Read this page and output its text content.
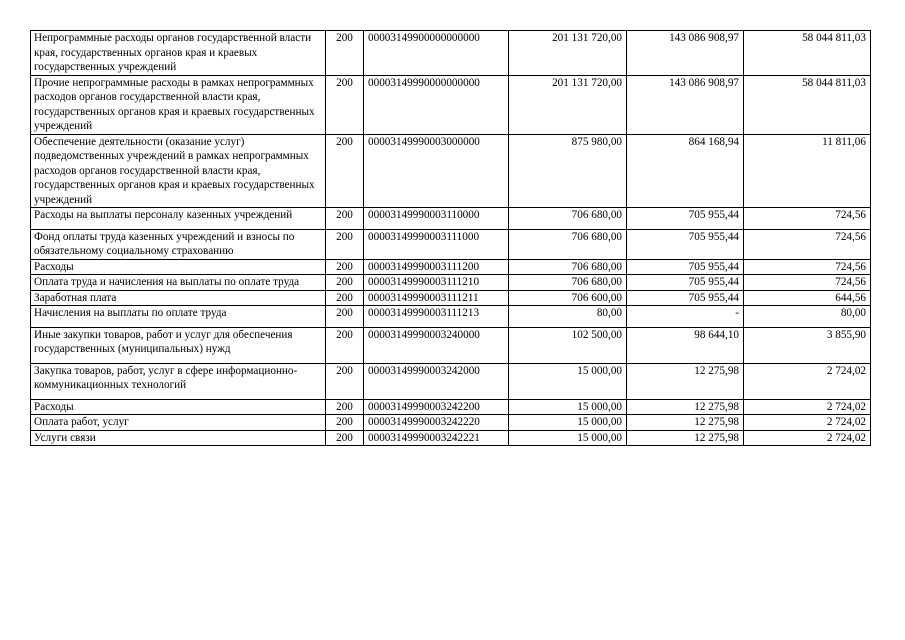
Непрограммные расходы органов государственной власти края, государственных органов края и краевых государственных учреждений	200	00003149900000000000	201 131 720,00	143 086 908,97	58 044 811,03
Прочие непрограммные расходы в рамках непрограммных расходов органов государственной власти края, государственных органов края и краевых государственных учреждений	200	00003149990000000000	201 131 720,00	143 086 908,97	58 044 811,03
Обеспечение деятельности (оказание услуг) подведомственных учреждений в рамках непрограммных расходов органов государственной власти края, государственных органов края и краевых государственных учреждений	200	00003149990003000000	875 980,00	864 168,94	11 811,06
Расходы на выплаты персоналу казенных учреждений	200	00003149990003110000	706 680,00	705 955,44	724,56
Фонд оплаты труда казенных учреждений и взносы по обязательному социальному страхованию	200	00003149990003111000	706 680,00	705 955,44	724,56
Расходы	200	00003149990003111200	706 680,00	705 955,44	724,56
Оплата труда и начисления на выплаты по оплате труда	200	00003149990003111210	706 680,00	705 955,44	724,56
Заработная плата	200	00003149990003111211	706 600,00	705 955,44	644,56
Начисления на выплаты по оплате труда	200	00003149990003111213	80,00	-	80,00
Иные закупки товаров, работ и услуг для обеспечения государственных (муниципальных) нужд	200	00003149990003240000	102 500,00	98 644,10	3 855,90
Закупка товаров, работ, услуг в сфере информационно-коммуникационных технологий	200	00003149990003242000	15 000,00	12 275,98	2 724,02
Расходы	200	00003149990003242200	15 000,00	12 275,98	2 724,02
Оплата работ, услуг	200	00003149990003242220	15 000,00	12 275,98	2 724,02
Услуги связи	200	00003149990003242221	15 000,00	12 275,98	2 724,02
